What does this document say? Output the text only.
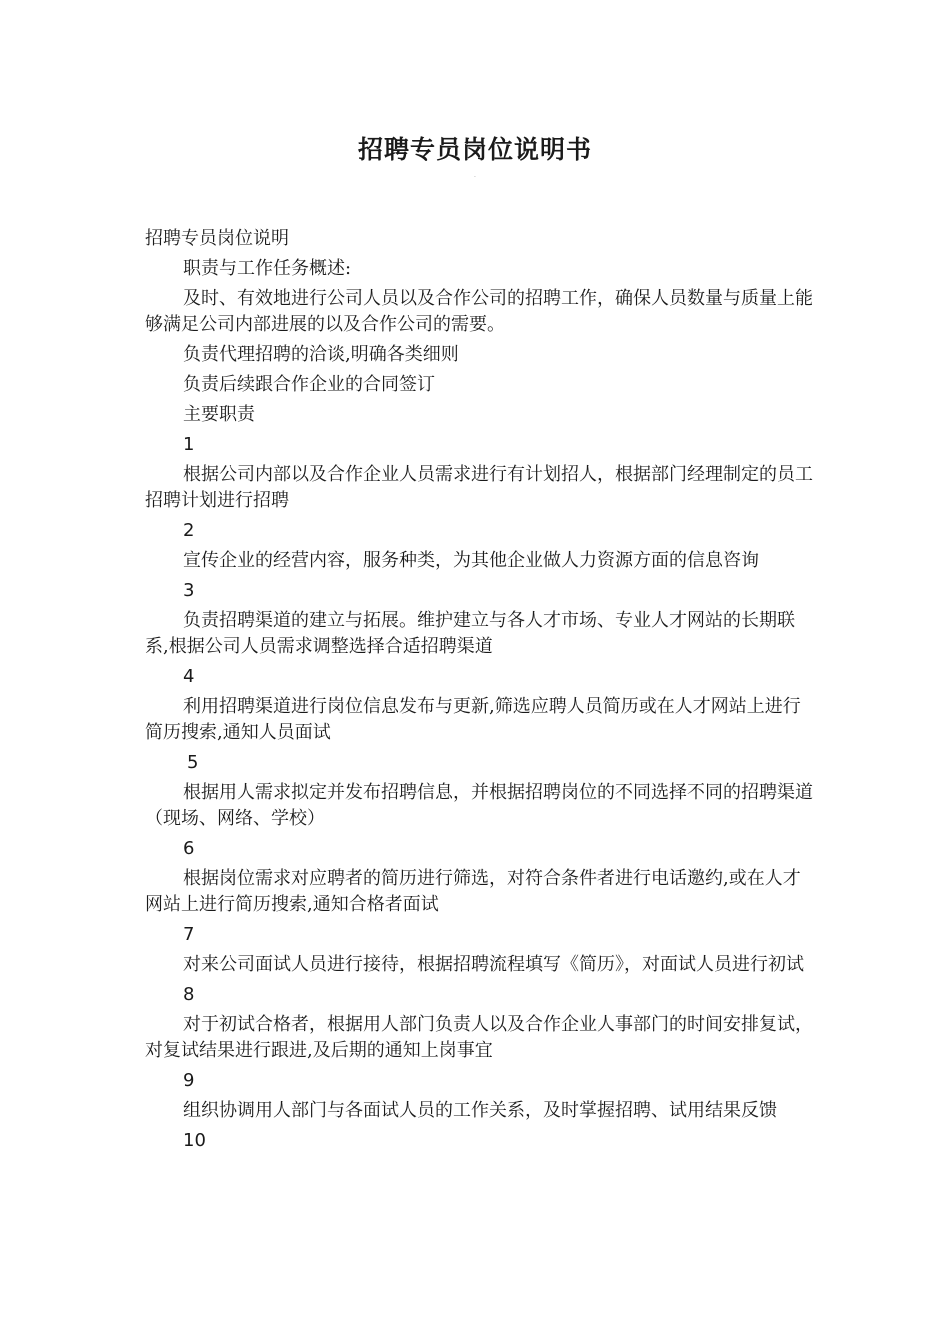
招聘专员岗位说明书
.

招聘专员岗位说明

职责与工作任务概述:

及时、有效地进行公司人员以及合作公司的招聘工作，确保人员数量与质量上能够满足公司内部进展的以及合作公司的需要。

负责代理招聘的洽谈,明确各类细则

负责后续跟合作企业的合同签订

主要职责

1

根据公司内部以及合作企业人员需求进行有计划招人，根据部门经理制定的员工招聘计划进行招聘

2

宣传企业的经营内容，服务种类，为其他企业做人力资源方面的信息咨询

3

负责招聘渠道的建立与拓展。维护建立与各人才市场、专业人才网站的长期联系,根据公司人员需求调整选择合适招聘渠道

4

利用招聘渠道进行岗位信息发布与更新,筛选应聘人员简历或在人才网站上进行简历搜索,通知人员面试

5

根据用人需求拟定并发布招聘信息，并根据招聘岗位的不同选择不同的招聘渠道（现场、网络、学校）

6

根据岗位需求对应聘者的简历进行筛选，对符合条件者进行电话邀约,或在人才网站上进行简历搜索,通知合格者面试

7

对来公司面试人员进行接待，根据招聘流程填写《简历》，对面试人员进行初试

8

对于初试合格者，根据用人部门负责人以及合作企业人事部门的时间安排复试，对复试结果进行跟进,及后期的通知上岗事宜

9

组织协调用人部门与各面试人员的工作关系，及时掌握招聘、试用结果反馈

10
